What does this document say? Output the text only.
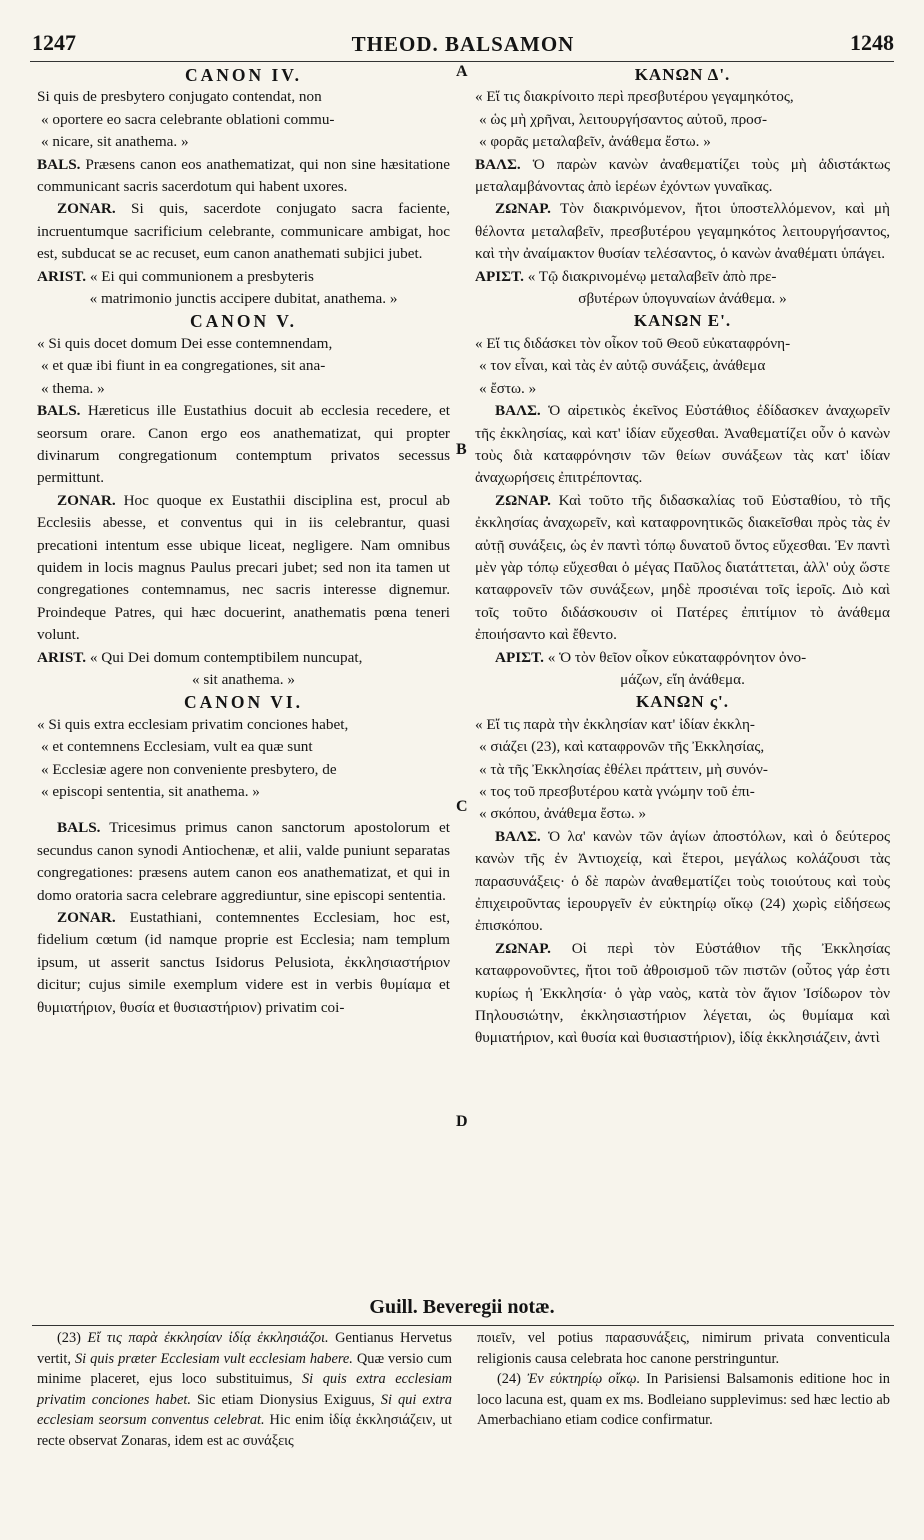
1247	THEOD. BALSAMON	1248
A
B
C
D

CANON IV.

Si quis de presbytero conjugato contendat, non

« oportere eo sacra celebrante oblationi commu-

« nicare, sit anathema. »

BALS. Præsens canon eos anathematizat, qui non sine hæsitatione communicant sacris sacerdotum qui habent uxores.

ZONAR. Si quis, sacerdote conjugato sacra faciente, incruentumque sacrificium celebrante, communicare ambigat, hoc est, subducat se ac recuset, eum canon anathemati subjici jubet.

ARIST. « Ei qui communionem a presbyteris

« matrimonio junctis accipere dubitat, anathema. »

CANON V.

« Si quis docet domum Dei esse contemnendam,

« et quæ ibi fiunt in ea congregationes, sit ana-

« thema. »

BALS. Hæreticus ille Eustathius docuit ab ecclesia recedere, et seorsum orare. Canon ergo eos anathematizat, qui propter divinarum congregationum contemptum privatos secessus permittunt.

ZONAR. Hoc quoque ex Eustathii disciplina est, procul ab Ecclesiis abesse, et conventus qui in iis celebrantur, quasi precationi intentum esse ubique liceat, negligere. Nam omnibus quidem in locis magnus Paulus precari jubet; sed non ita tamen ut congregationes contemnamus, nec sacris interesse dignemur. Proindeque Patres, qui hæc docuerint, anathematis pœna teneri volunt.

ARIST. « Qui Dei domum contemptibilem nuncupat,

« sit anathema. »

CANON VI.

« Si quis extra ecclesiam privatim conciones habet,

« et contemnens Ecclesiam, vult ea quæ sunt

« Ecclesiæ agere non conveniente presbytero, de

« episcopi sententia, sit anathema. »

BALS. Tricesimus primus canon sanctorum apostolorum et secundus canon synodi Antiochenæ, et alii, valde puniunt separatas congregationes: præsens autem canon eos anathematizat, et qui in domo oratoria sacra celebrare aggrediuntur, sine episcopi sententia.

ZONAR. Eustathiani, contemnentes Ecclesiam, hoc est, fidelium cœtum (id namque proprie est Ecclesia; nam templum ipsum, ut asserit sanctus Isidorus Pelusiota, ἐκκλησιαστήριον dicitur; cujus simile exemplum videre est in verbis θυμίαμα et θυμιατήριον, θυσία et θυσιαστήριον) privatim coi-

ΚΑΝΩΝ Δ'.

« Εἴ τις διακρίνοιτο περὶ πρεσβυτέρου γεγαμηκότος,

« ὡς μὴ χρῆναι, λειτουργήσαντος αὐτοῦ, προσ-

« φορᾶς μεταλαβεῖν, ἀνάθεμα ἔστω. »

ΒΑΛΣ. Ὁ παρὼν κανὼν ἀναθεματίζει τοὺς μὴ ἀδιστάκτως μεταλαμβάνοντας ἀπὸ ἱερέων ἐχόντων γυναῖκας.

ΖΩΝΑΡ. Τὸν διακρινόμενον, ἤτοι ὑποστελλόμενον, καὶ μὴ θέλοντα μεταλαβεῖν, πρεσβυτέρου γεγαμηκότος λειτουργήσαντος, καὶ τὴν ἀναίμακτον θυσίαν τελέσαντος, ὁ κανὼν ἀναθέματι ὑπάγει.

ΑΡΙΣΤ. « Τῷ διακρινομένῳ μεταλαβεῖν ἀπὸ πρε-

σβυτέρων ὑπογυναίων ἀνάθεμα. »

ΚΑΝΩΝ Ε'.

« Εἴ τις διδάσκει τὸν οἶκον τοῦ Θεοῦ εὐκαταφρόνη-

« τον εἶναι, καὶ τὰς ἐν αὐτῷ συνάξεις, ἀνάθεμα

« ἔστω. »

ΒΑΛΣ. Ὁ αἱρετικὸς ἐκεῖνος Εὐστάθιος ἐδίδασκεν ἀναχωρεῖν τῆς ἐκκλησίας, καὶ κατ' ἰδίαν εὔχεσθαι. Ἀναθεματίζει οὖν ὁ κανὼν τοὺς διὰ καταφρόνησιν τῶν θείων συνάξεων τὰς κατ' ἰδίαν ἀναχωρήσεις ἐπιτρέποντας.

ΖΩΝΑΡ. Καὶ τοῦτο τῆς διδασκαλίας τοῦ Εὐσταθίου, τὸ τῆς ἐκκλησίας ἀναχωρεῖν, καὶ καταφρονητικῶς διακεῖσθαι πρὸς τὰς ἐν αὐτῇ συνάξεις, ὡς ἐν παντὶ τόπῳ δυνατοῦ ὄντος εὔχεσθαι. Ἐν παντὶ μὲν γὰρ τόπῳ εὔχεσθαι ὁ μέγας Παῦλος διατάττεται, ἀλλ' οὐχ ὥστε καταφρονεῖν τῶν συνάξεων, μηδὲ προσιέναι τοῖς ἱεροῖς. Διὸ καὶ τοῖς τοῦτο διδάσκουσιν οἱ Πατέρες ἐπιτίμιον τὸ ἀνάθεμα ἐποιήσαντο καὶ ἔθεντο.

ΑΡΙΣΤ. « Ὁ τὸν θεῖον οἶκον εὐκαταφρόνητον ὀνο-

μάζων, εἴη ἀνάθεμα.

ΚΑΝΩΝ ς'.

« Εἴ τις παρὰ τὴν ἐκκλησίαν κατ' ἰδίαν ἐκκλη-

« σιάζει (23), καὶ καταφρονῶν τῆς Ἐκκλησίας,

« τὰ τῆς Ἐκκλησίας ἐθέλει πράττειν, μὴ συνόν-

« τος τοῦ πρεσβυτέρου κατὰ γνώμην τοῦ ἐπι-

« σκόπου, ἀνάθεμα ἔστω. »

ΒΑΛΣ. Ὁ λα' κανὼν τῶν ἁγίων ἀποστόλων, καὶ ὁ δεύτερος κανὼν τῆς ἐν Ἀντιοχείᾳ, καὶ ἕτεροι, μεγάλως κολάζουσι τὰς παρασυνάξεις· ὁ δὲ παρὼν ἀναθεματίζει τοὺς τοιούτους καὶ τοὺς ἐπιχειροῦντας ἱερουργεῖν ἐν εὐκτηρίῳ οἴκῳ (24) χωρὶς εἰδήσεως ἐπισκόπου.

ΖΩΝΑΡ. Οἱ περὶ τὸν Εὐστάθιον τῆς Ἐκκλησίας καταφρονοῦντες, ἤτοι τοῦ ἀθροισμοῦ τῶν πιστῶν (οὗτος γάρ ἐστι κυρίως ἡ Ἐκκλησία· ὁ γὰρ ναὸς, κατὰ τὸν ἅγιον Ἰσίδωρον τὸν Πηλουσιώτην, ἐκκλησιαστήριον λέγεται, ὡς θυμίαμα καὶ θυμιατήριον, καὶ θυσία καὶ θυσιαστήριον), ἰδίᾳ ἐκκλησιάζειν, ἀντὶ

Guill. Beveregii notæ.

(23) Εἴ τις παρὰ ἐκκλησίαν ἰδίᾳ ἐκκλησιάζοι. Gentianus Hervetus vertit, Si quis præter Ecclesiam vult ecclesiam habere. Quæ versio cum minime placeret, ejus loco substituimus, Si quis extra ecclesiam privatim conciones habet. Sic etiam Dionysius Exiguus, Si qui extra ecclesiam seorsum conventus celebrat. Hic enim ἰδίᾳ ἐκκλησιάζειν, ut recte observat Zonaras, idem est ac συνάξεις

ποιεῖν, vel potius παρασυνάξεις, nimirum privata conventicula religionis causa celebrata hoc canone perstringuntur.

(24) Ἐν εὐκτηρίῳ οἴκῳ. In Parisiensi Balsamonis editione hoc in loco lacuna est, quam ex ms. Bodleiano supplevimus: sed hæc lectio ab Amerbachiano etiam codice confirmatur.
